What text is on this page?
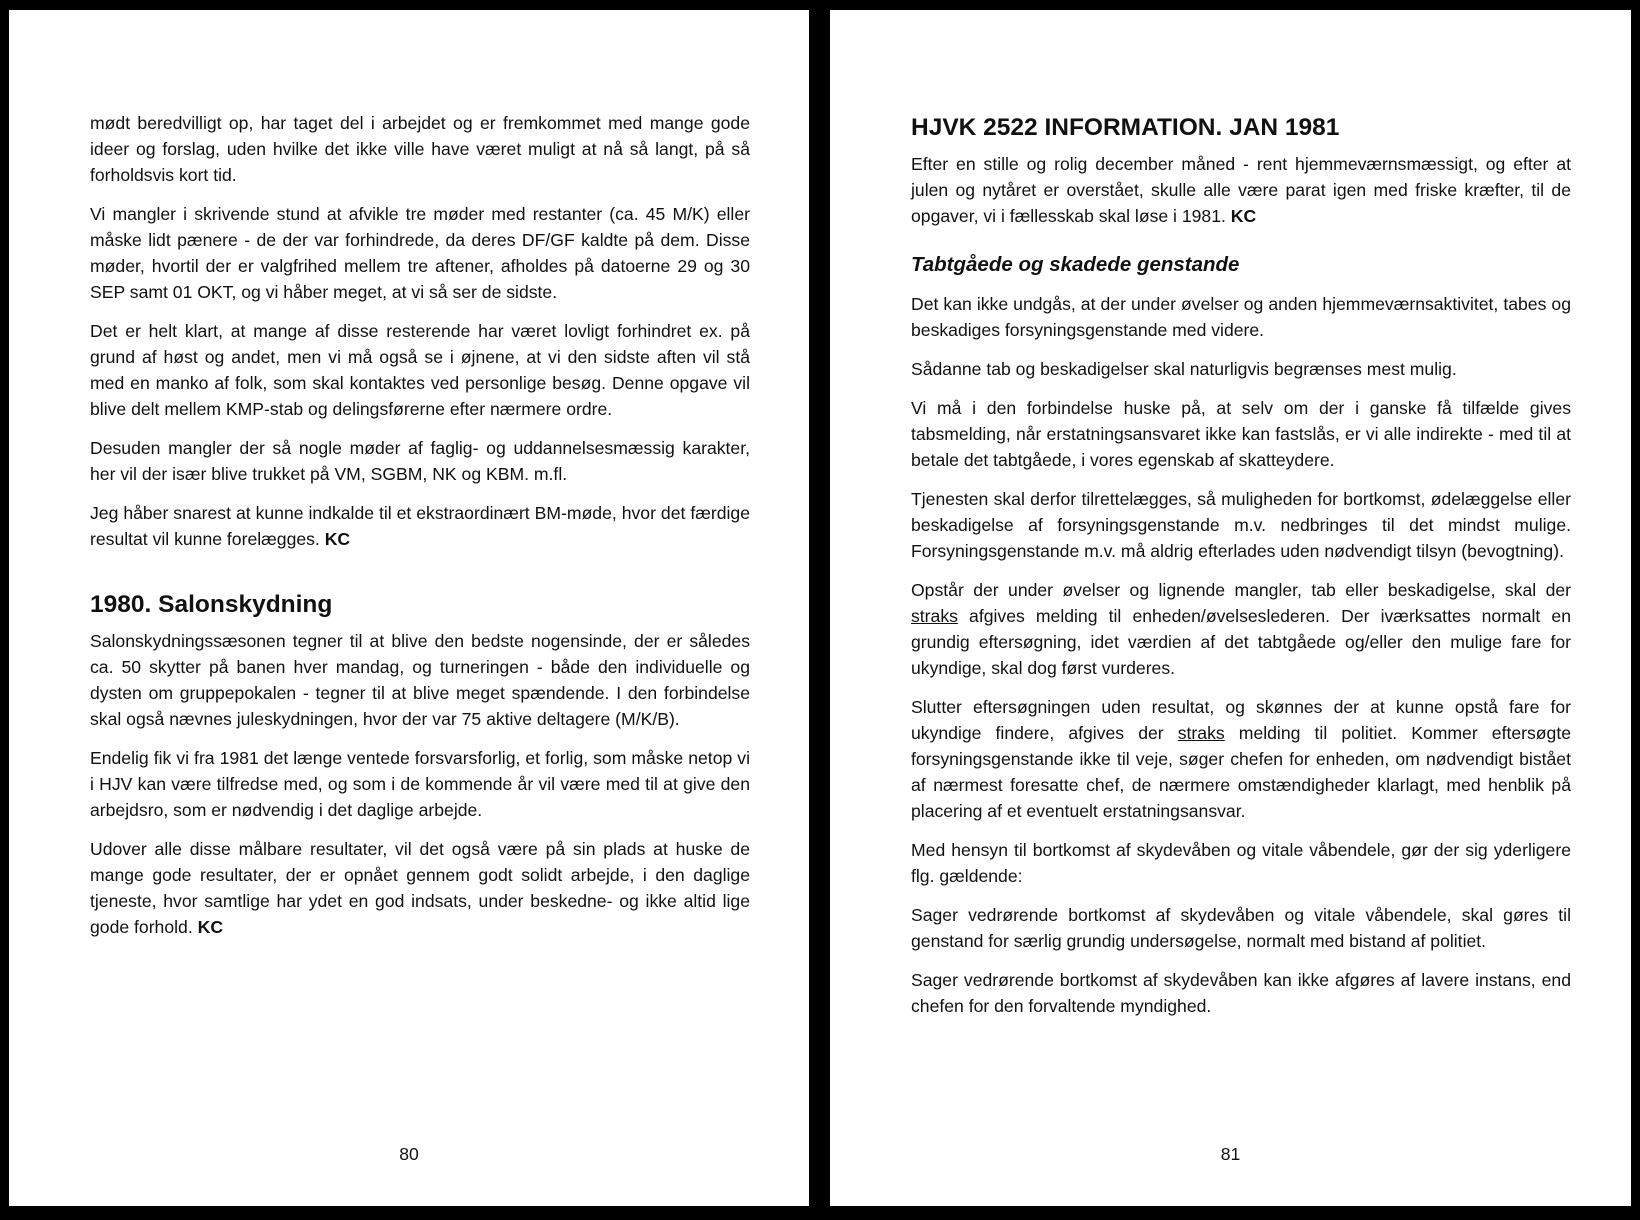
mødt beredvilligt op, har taget del i arbejdet og er fremkommet med mange gode ideer og forslag, uden hvilke det ikke ville have været muligt at nå så langt, på så forholdsvis kort tid.

Vi mangler i skrivende stund at afvikle tre møder med restanter (ca. 45 M/K) eller måske lidt pænere - de der var forhindrede, da deres DF/GF kaldte på dem. Disse møder, hvortil der er valgfrihed mellem tre aftener, afholdes på datoerne 29 og 30 SEP samt 01 OKT, og vi håber meget, at vi så ser de sidste.

Det er helt klart, at mange af disse resterende har været lovligt forhindret ex. på grund af høst og andet, men vi må også se i øjnene, at vi den sidste aften vil stå med en manko af folk, som skal kontaktes ved personlige besøg. Denne opgave vil blive delt mellem KMP-stab og delingsførerne efter nærmere ordre.

Desuden mangler der så nogle møder af faglig- og uddannelsesmæssig karakter, her vil der især blive trukket på VM, SGBM, NK og KBM. m.fl.

Jeg håber snarest at kunne indkalde til et ekstraordinært BM-møde, hvor det færdige resultat vil kunne forelægges. KC

1980. Salonskydning

Salonskydningssæsonen tegner til at blive den bedste nogensinde, der er således ca. 50 skytter på banen hver mandag, og turneringen - både den individuelle og dysten om gruppepokalen - tegner til at blive meget spændende. I den forbindelse skal også nævnes juleskydningen, hvor der var 75 aktive deltagere (M/K/B).

Endelig fik vi fra 1981 det længe ventede forsvarsforlig, et forlig, som måske netop vi i HJV kan være tilfredse med, og som i de kommende år vil være med til at give den arbejdsro, som er nødvendig i det daglige arbejde.

Udover alle disse målbare resultater, vil det også være på sin plads at huske de mange gode resultater, der er opnået gennem godt solidt arbejde, i den daglige tjeneste, hvor samtlige har ydet en god indsats, under beskedne- og ikke altid lige gode forhold. KC

80
HJVK 2522 INFORMATION. JAN 1981

Efter en stille og rolig december måned - rent hjemmeværnsmæssigt, og efter at julen og nytåret er overstået, skulle alle være parat igen med friske kræfter, til de opgaver, vi i fællesskab skal løse i 1981. KC

Tabtgåede og skadede genstande

Det kan ikke undgås, at der under øvelser og anden hjemmeværnsaktivitet, tabes og beskadiges forsyningsgenstande med videre.

Sådanne tab og beskadigelser skal naturligvis begrænses mest mulig.

Vi må i den forbindelse huske på, at selv om der i ganske få tilfælde gives tabsmelding, når erstatningsansvaret ikke kan fastslås, er vi alle indirekte - med til at betale det tabtgåede, i vores egenskab af skatteydere.

Tjenesten skal derfor tilrettelægges, så muligheden for bortkomst, ødelæggelse eller beskadigelse af forsyningsgenstande m.v. nedbringes til det mindst mulige. Forsyningsgenstande m.v. må aldrig efterlades uden nødvendigt tilsyn (bevogtning).

Opstår der under øvelser og lignende mangler, tab eller beskadigelse, skal der straks afgives melding til enheden/øvelseslederen. Der iværksattes normalt en grundig eftersøgning, idet værdien af det tabtgåede og/eller den mulige fare for ukyndige, skal dog først vurderes.

Slutter eftersøgningen uden resultat, og skønnes der at kunne opstå fare for ukyndige findere, afgives der straks melding til politiet. Kommer eftersøgte forsyningsgenstande ikke til veje, søger chefen for enheden, om nødvendigt bistået af nærmest foresatte chef, de nærmere omstændigheder klarlagt, med henblik på placering af et eventuelt erstatningsansvar.

Med hensyn til bortkomst af skydevåben og vitale våbendele, gør der sig yderligere flg. gældende:

Sager vedrørende bortkomst af skydevåben og vitale våbendele, skal gøres til genstand for særlig grundig undersøgelse, normalt med bistand af politiet.

Sager vedrørende bortkomst af skydevåben kan ikke afgøres af lavere instans, end chefen for den forvaltende myndighed.

81
